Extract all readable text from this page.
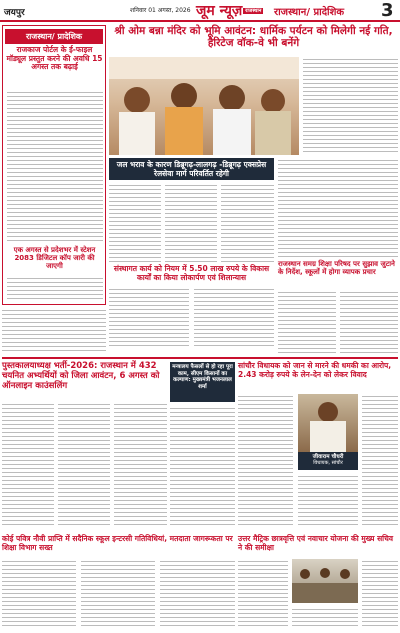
जयपुर	शनिवार 01 अगस्त, 2026 जूम न्यूज़ राजस्थान राजस्थान/ प्रादेशिक 3
राजस्थान/ प्रादेशिक
राजकाज पोर्टल के ई-फाइल मॉड्यूल प्रस्तुत करने की अवधि 15 अगस्त तक बढ़ाई
एक अगस्त से प्रदेशभर में स्टेशन 2083 डिजिटल कॉप जारी की जाएगी
श्री ओम बन्ना मंदिर को भूमि आवंटन: धार्मिक पर्यटन को मिलेगी नई गति, हैरिटेज वॉक-वे भी बनेंगे
जल भराव के कारण डिब्रूगढ़-लालगढ़ -डिब्रूगढ़ एक्सप्रेस रेलसेवा मार्ग परिवर्तित रहेगी
संस्थागत कार्य को नियम में 5.50 लाख रुपये के विकास कार्यों का किया लोकार्पण एवं शिलान्यास
राजस्थान समग्र शिक्षा परिषद पर सुझाव जुटाने के निर्देश, स्कूलों में होगा व्यापक प्रचार
पुस्तकालयाध्यक्ष भर्ती-2026: राजस्थान में 432 चयनित अभ्यर्थियों को जिला आवंटन, 6 अगस्त को ऑनलाइन काउंसलिंग
मन्त्रालय फैसलों से हो रहा पूरा काम, सीएम किसानों का कल्याण: मुख्यमंत्री भजनलाल शर्मा
सांचौर विधायक को जान से मारने की धमकी का आरोप, 2.43 करोड़ रुपये के लेन-देन को लेकर विवाद
जीवाराम चौधरी
विधायक, सांचौर
कोई पवित्र नौवी प्राप्ति में सदैनिक स्कूल इन्टरसी गतिविधियां, मतदाता जागरूकता पर शिक्षा विभाग सख्त
उत्तर मैट्रिक छात्रवृत्ति एवं नवाचार योजना की मुख्य सचिव ने की समीक्षा
